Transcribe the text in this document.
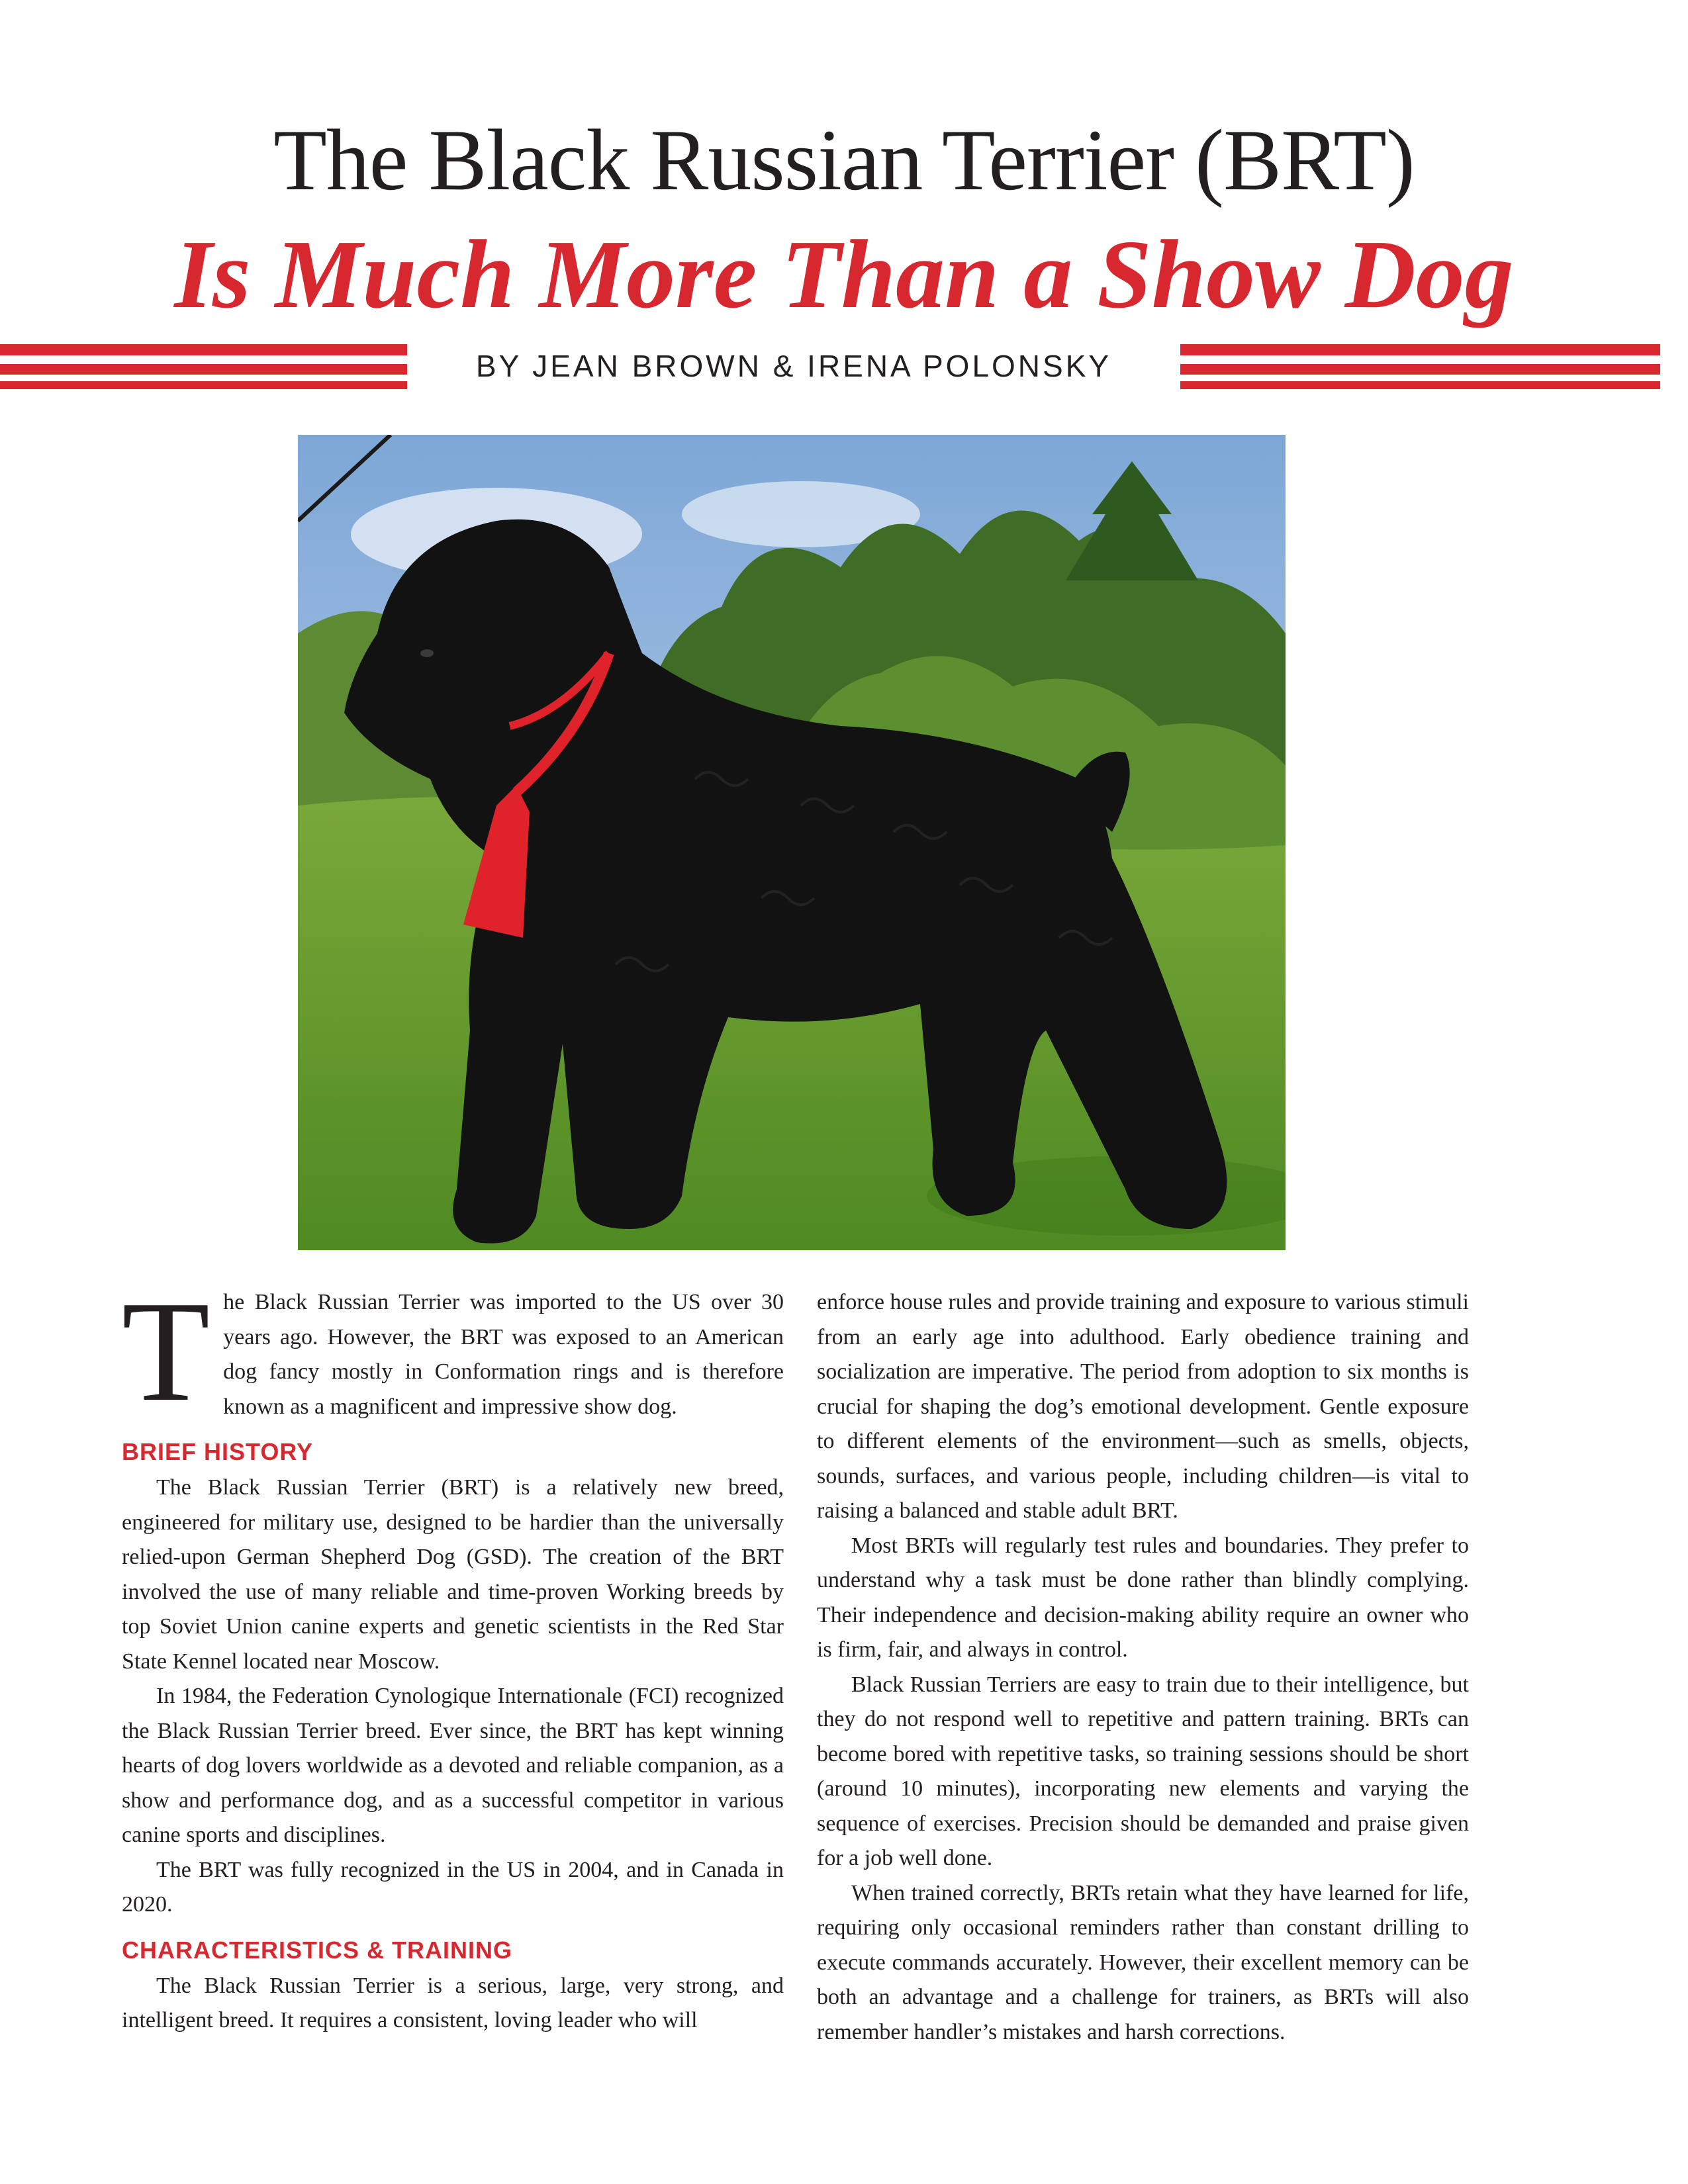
The Black Russian Terrier (BRT)
Is Much More Than a Show Dog
BY JEAN BROWN & IRENA POLONSKY

The Black Russian Terrier was imported to the US over 30 years ago. However, the BRT was exposed to an American dog fancy mostly in Conformation rings and is therefore known as a magnificent and impressive show dog.

BRIEF HISTORY

The Black Russian Terrier (BRT) is a relatively new breed, engineered for military use, designed to be hardier than the universally relied-upon German Shepherd Dog (GSD). The creation of the BRT involved the use of many reliable and time-proven Working breeds by top Soviet Union canine experts and genetic scientists in the Red Star State Kennel located near Moscow.

In 1984, the Federation Cynologique Internationale (FCI) recognized the Black Russian Terrier breed. Ever since, the BRT has kept winning hearts of dog lovers worldwide as a devoted and reliable companion, as a show and performance dog, and as a successful competitor in various canine sports and disciplines.

The BRT was fully recognized in the US in 2004, and in Canada in 2020.

CHARACTERISTICS & TRAINING

The Black Russian Terrier is a serious, large, very strong, and intelligent breed. It requires a consistent, loving leader who will

enforce house rules and provide training and exposure to various stimuli from an early age into adulthood. Early obedience training and socialization are imperative. The period from adoption to six months is crucial for shaping the dog’s emotional development. Gentle exposure to different elements of the environment—such as smells, objects, sounds, surfaces, and various people, including children—is vital to raising a balanced and stable adult BRT.

Most BRTs will regularly test rules and boundaries. They prefer to understand why a task must be done rather than blindly complying. Their independence and decision-making ability require an owner who is firm, fair, and always in control.

Black Russian Terriers are easy to train due to their intelligence, but they do not respond well to repetitive and pattern training. BRTs can become bored with repetitive tasks, so training sessions should be short (around 10 minutes), incorporating new elements and varying the sequence of exercises. Precision should be demanded and praise given for a job well done.

When trained correctly, BRTs retain what they have learned for life, requiring only occasional reminders rather than constant drilling to execute commands accurately. However, their excellent memory can be both an advantage and a challenge for trainers, as BRTs will also remember handler’s mistakes and harsh corrections.
